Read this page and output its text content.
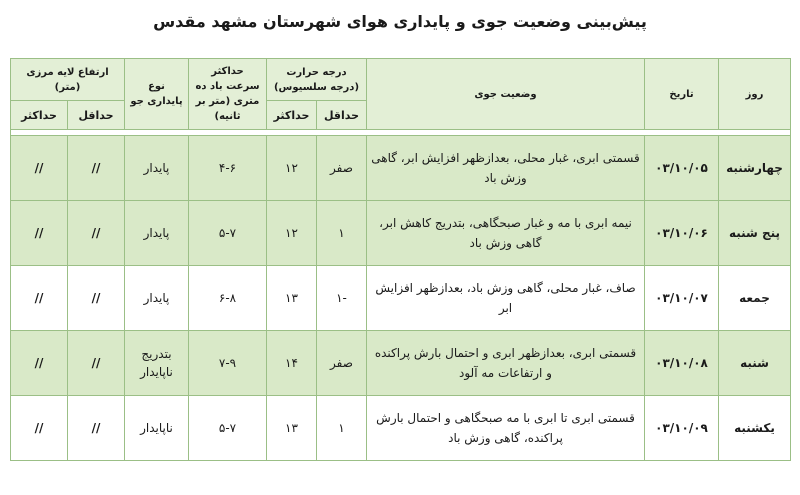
پیش‌بینی وضعیت جوی و پایداری هوای شهرستان مشهد مقدس
روز	تاریخ	وضعیت جوی	درجه حرارت (درجه سلسیوس)		حداکثر سرعت باد ده متری (متر بر ثانیه)	نوع پایداری جو	ارتفاع لایه مرزی (متر)	
			حداقل	حداکثر			حداقل	حداکثر

چهارشنبه	۰۳/۱۰/۰۵	قسمتی ابری، غبار محلی، بعدازظهر افزایش ابر، گاهی وزش باد	صفر	۱۲	۴-۶	پایدار	//	//
پنج شنبه	۰۳/۱۰/۰۶	نیمه ابری با مه و غبار صبحگاهی، بتدریج کاهش ابر، گاهی وزش باد	۱	۱۲	۵-۷	پایدار	//	//
جمعه	۰۳/۱۰/۰۷	صاف، غبار محلی، گاهی وزش باد، بعدازظهر افزایش ابر	-۱	۱۳	۶-۸	پایدار	//	//
شنبه	۰۳/۱۰/۰۸	قسمتی ابری، بعدازظهر ابری و احتمال بارش پراکنده و ارتفاعات مه آلود	صفر	۱۴	۷-۹	بتدریج ناپایدار	//	//
یکشنبه	۰۳/۱۰/۰۹	قسمتی ابری تا ابری با مه صبحگاهی و احتمال بارش پراکنده، گاهی وزش باد	۱	۱۳	۵-۷	ناپایدار	//	//
